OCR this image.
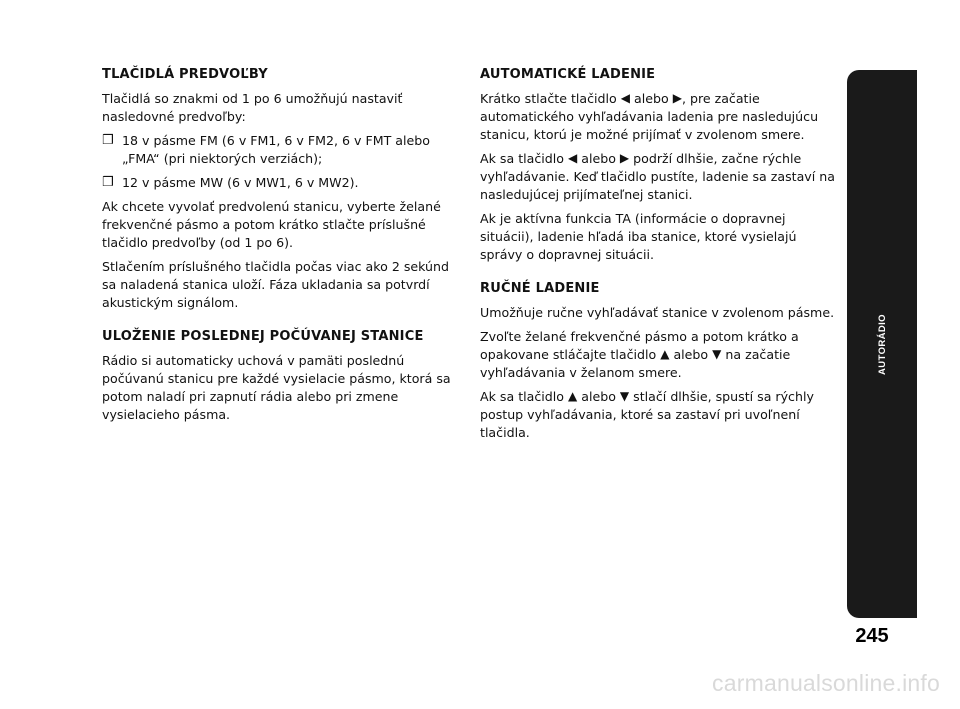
TLAČIDLÁ PREDVOĽBY

Tlačidlá so znakmi od 1 po 6 umožňujú nastaviť nasledovné predvoľby:

❒ 18 v pásme FM (6 v FM1, 6 v FM2, 6 v FMT alebo „FMA“ (pri niektorých verziách);
❒ 12 v pásme MW (6 v MW1, 6 v MW2).

Ak chcete vyvolať predvolenú stanicu, vyberte želané frekvenčné pásmo a potom krátko stlačte príslušné tlačidlo predvoľby (od 1 po 6).

Stlačením príslušného tlačidla počas viac ako 2 sekúnd sa naladená stanica uloží. Fáza ukladania sa potvrdí akustickým signálom.

ULOŽENIE POSLEDNEJ POČÚVANEJ STANICE

Rádio si automaticky uchová v pamäti poslednú počúvanú stanicu pre každé vysielacie pásmo, ktorá sa potom naladí pri zapnutí rádia alebo pri zmene vysielacieho pásma.

AUTOMATICKÉ LADENIE

Krátko stlačte tlačidlo ◀ alebo ▶, pre začatie automatického vyhľadávania ladenia pre nasledujúcu stanicu, ktorú je možné prijímať v zvolenom smere.

Ak sa tlačidlo ◀ alebo ▶ podrží dlhšie, začne rýchle vyhľadávanie. Keď tlačidlo pustíte, ladenie sa zastaví na nasledujúcej prijímateľnej stanici.

Ak je aktívna funkcia TA (informácie o dopravnej situácii), ladenie hľadá iba stanice, ktoré vysielajú správy o dopravnej situácii.

RUČNÉ LADENIE

Umožňuje ručne vyhľadávať stanice v zvolenom pásme.

Zvoľte želané frekvenčné pásmo a potom krátko a opakovane stláčajte tlačidlo ▲ alebo ▼ na začatie vyhľadávania v želanom smere.

Ak sa tlačidlo ▲ alebo ▼ stlačí dlhšie, spustí sa rýchly postup vyhľadávania, ktoré sa zastaví pri uvoľnení tlačidla.

AUTORÁDIO
245
carmanualsonline.info
